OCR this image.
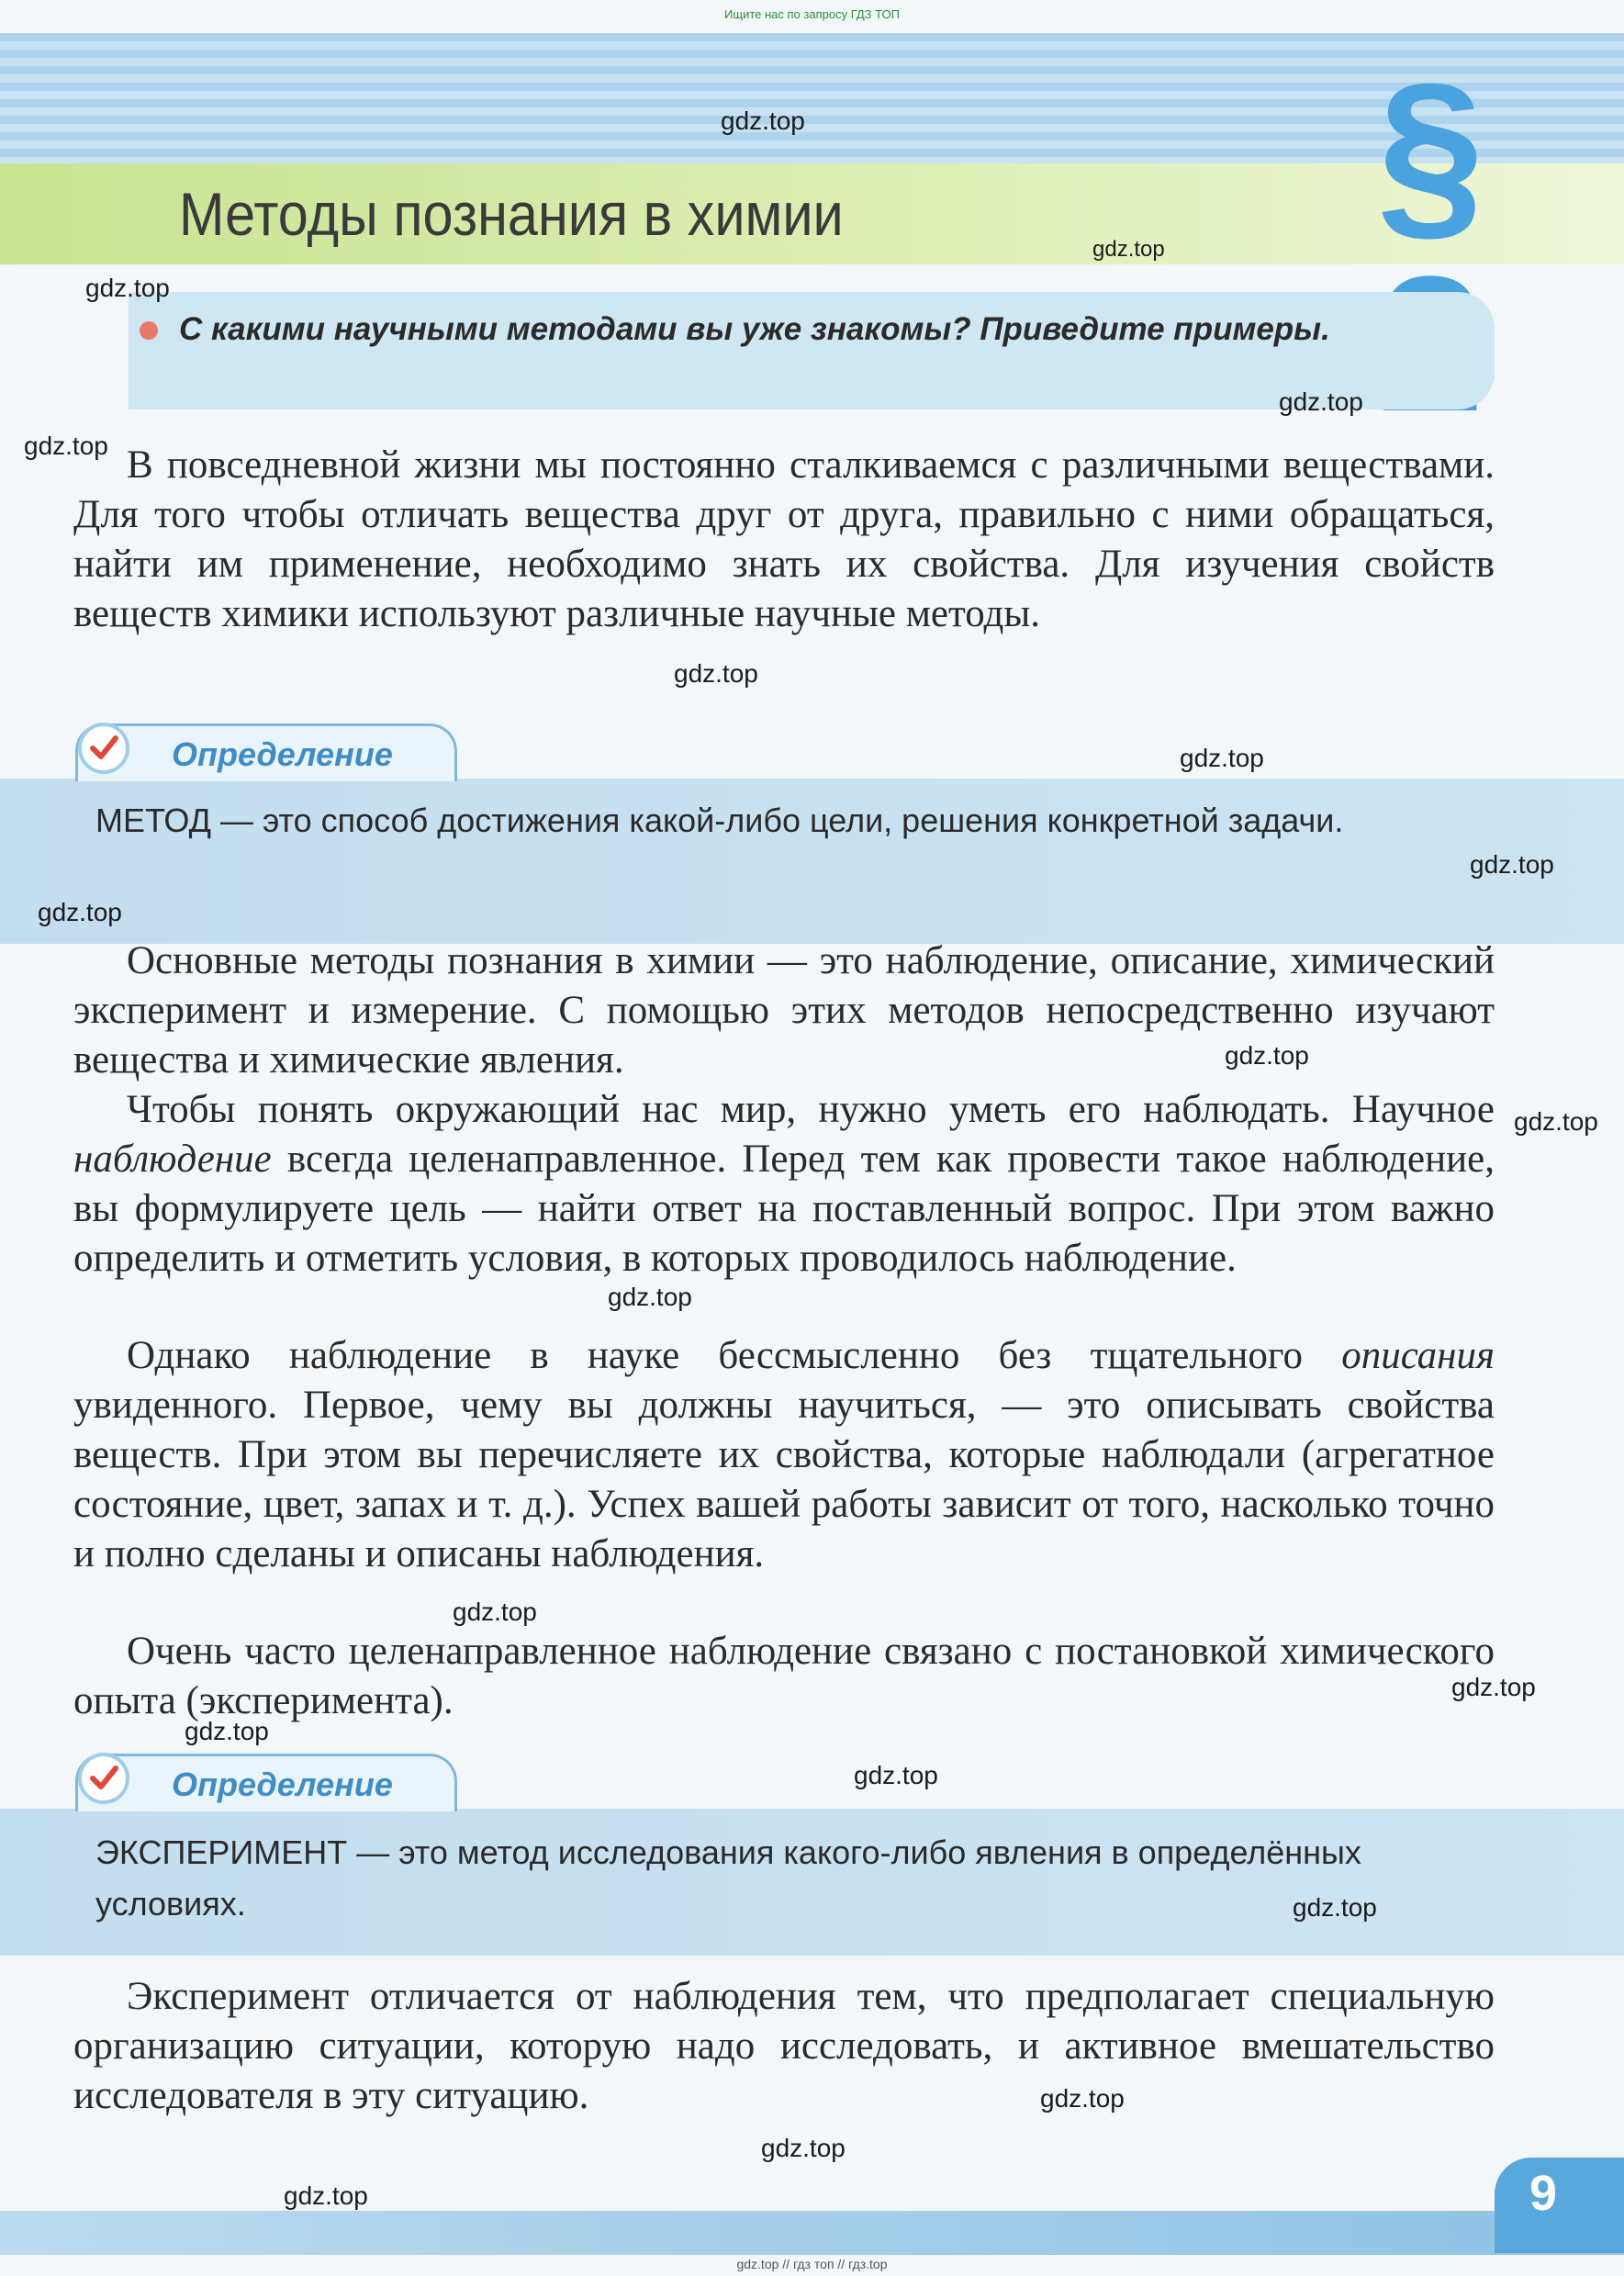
Ищите нас по запросу ГДЗ ТОП
§
Методы познания в химии
С какими научными методами вы уже знакомы? Приведите примеры.

В повседневной жизни мы постоянно сталкиваемся с различными веществами. Для того чтобы отличать вещества друг от друга, правильно с ними обращаться, найти им применение, необходимо знать их свойства. Для изучения свойств веществ химики используют различные научные методы.

Определение

МЕТОД — это способ достижения какой-либо цели, решения конкретной задачи.

Основные методы познания в химии — это наблюдение, описание, химический эксперимент и измерение. С помощью этих методов непосредственно изучают вещества и химические явления.

Чтобы понять окружающий нас мир, нужно уметь его наблюдать. Научное наблюдение всегда целенаправленное. Перед тем как провести такое наблюдение, вы формулируете цель — найти ответ на поставленный вопрос. При этом важно определить и отметить условия, в которых проводилось наблюдение.

Однако наблюдение в науке бессмысленно без тщательного описания увиденного. Первое, чему вы должны научиться, — это описывать свойства веществ. При этом вы перечисляете их свойства, которые наблюдали (агрегатное состояние, цвет, запах и т. д.). Успех вашей работы зависит от того, насколько точно и полно сделаны и описаны наблюдения.

Очень часто целенаправленное наблюдение связано с постановкой химического опыта (эксперимента).

Определение

ЭКСПЕРИМЕНТ — это метод исследования какого-либо явления в определённых условиях.

Эксперимент отличается от наблюдения тем, что предполагает специальную организацию ситуации, которую надо исследовать, и активное вмешательство исследователя в эту ситуацию.

9
gdz.top // гдз топ // гдз.top
gdz.top
gdz.top
gdz.top
gdz.top
gdz.top
gdz.top
gdz.top
gdz.top
gdz.top
gdz.top
gdz.top
gdz.top
gdz.top
gdz.top
gdz.top
gdz.top
gdz.top
gdz.top
gdz.top
gdz.top
